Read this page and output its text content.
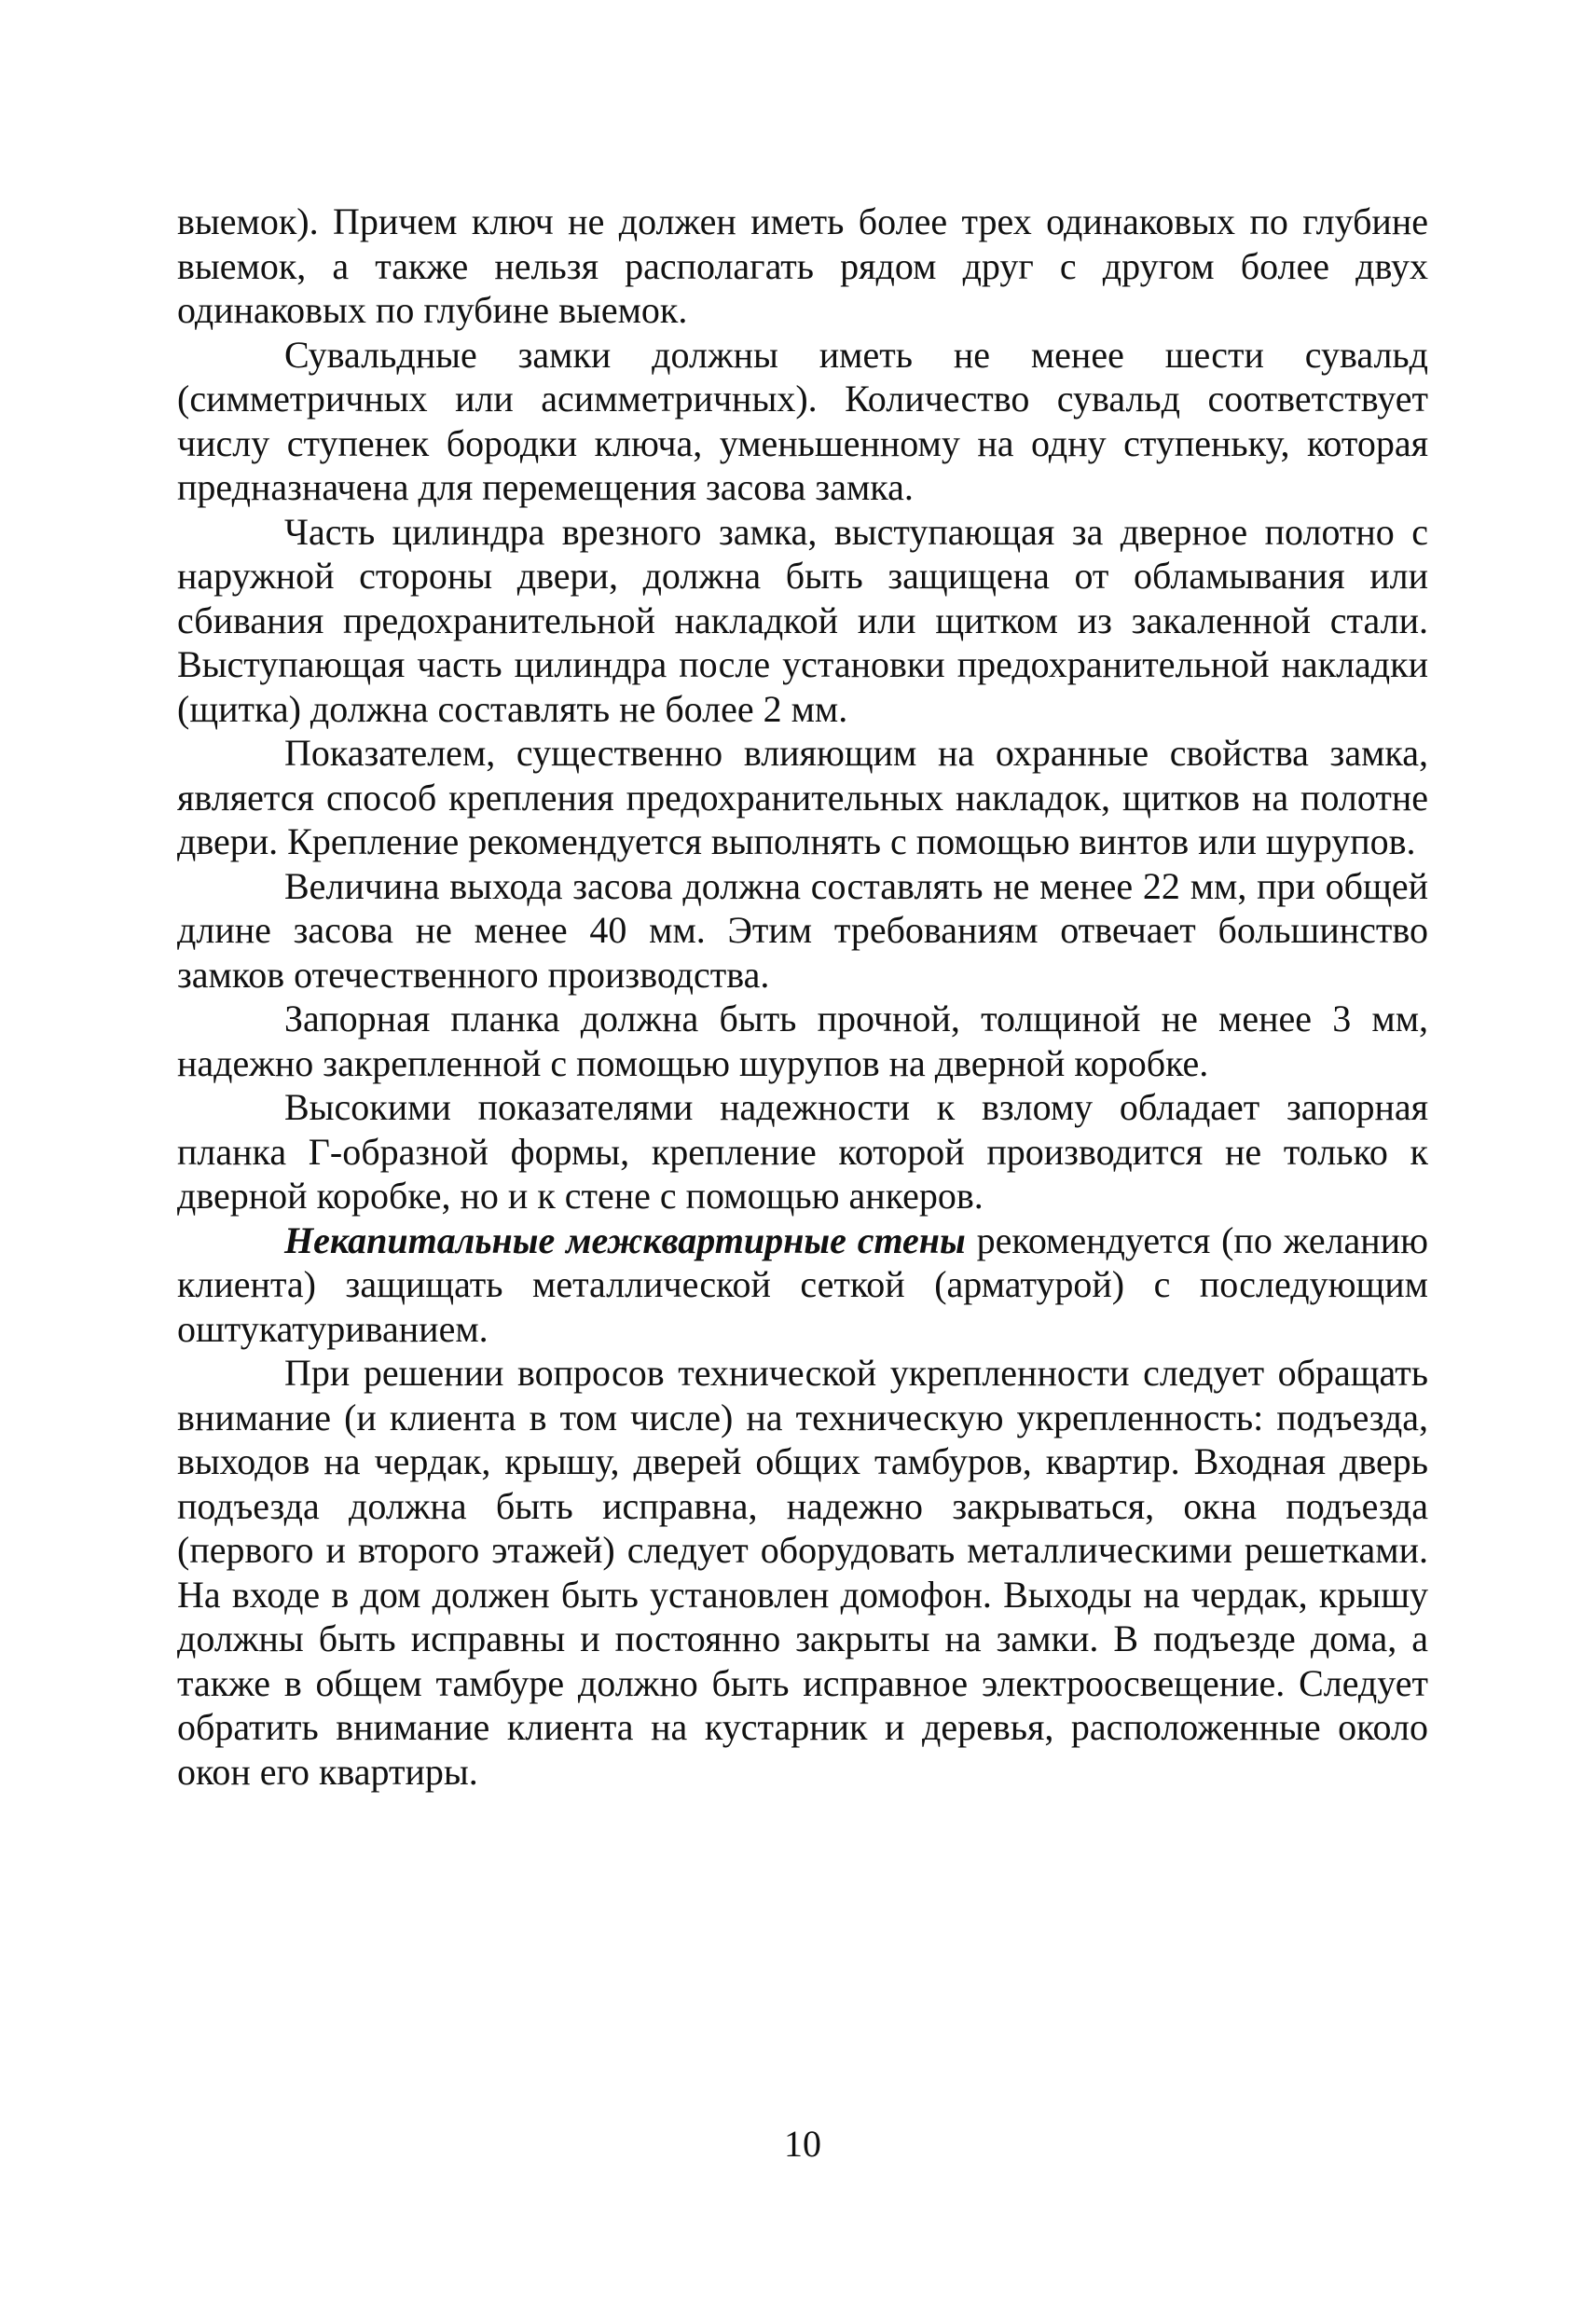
выемок). Причем ключ не должен иметь более трех одинаковых по глубине выемок, а также нельзя располагать рядом друг с другом более двух одинаковых по глубине выемок.

Сувальдные замки должны иметь не менее шести сувальд (симметричных или асимметричных). Количество сувальд соответствует числу ступенек бородки ключа, уменьшенному на одну ступеньку, которая предназначена для перемещения засова замка.

Часть цилиндра врезного замка, выступающая за дверное полотно с наружной стороны двери, должна быть защищена от обламывания или сбивания предохранительной накладкой или щитком из закаленной стали. Выступающая часть цилиндра после установки предохранительной накладки (щитка) должна составлять не более 2 мм.

Показателем, существенно влияющим на охранные свойства замка, является способ крепления предохранительных накладок, щитков на полотне двери. Крепление рекомендуется выполнять с помощью винтов или шурупов.

Величина выхода засова должна составлять не менее 22 мм, при общей длине засова не менее 40 мм. Этим требованиям отвечает большинство замков отечественного производства.

Запорная планка должна быть прочной, толщиной не менее 3 мм, надежно закрепленной с помощью шурупов на дверной коробке.

Высокими показателями надежности к взлому обладает запорная планка Г-образной формы, крепление которой производится не только к дверной коробке, но и к стене с помощью анкеров.

Некапитальные межквартирные стены рекомендуется (по желанию клиента) защищать металлической сеткой (арматурой) с последующим оштукатуриванием.

При решении вопросов технической укрепленности следует обращать внимание (и клиента в том числе) на техническую укрепленность: подъезда, выходов на чердак, крышу, дверей общих тамбуров, квартир. Входная дверь подъезда должна быть исправна, надежно закрываться, окна подъезда (первого и второго этажей) следует оборудовать металлическими решетками. На входе в дом должен быть установлен домофон. Выходы на чердак, крышу должны быть исправны и постоянно закрыты на замки. В подъезде дома, а также в общем тамбуре должно быть исправное электроосвещение. Следует обратить внимание клиента на кустарник и деревья, расположенные около окон его квартиры.

10
